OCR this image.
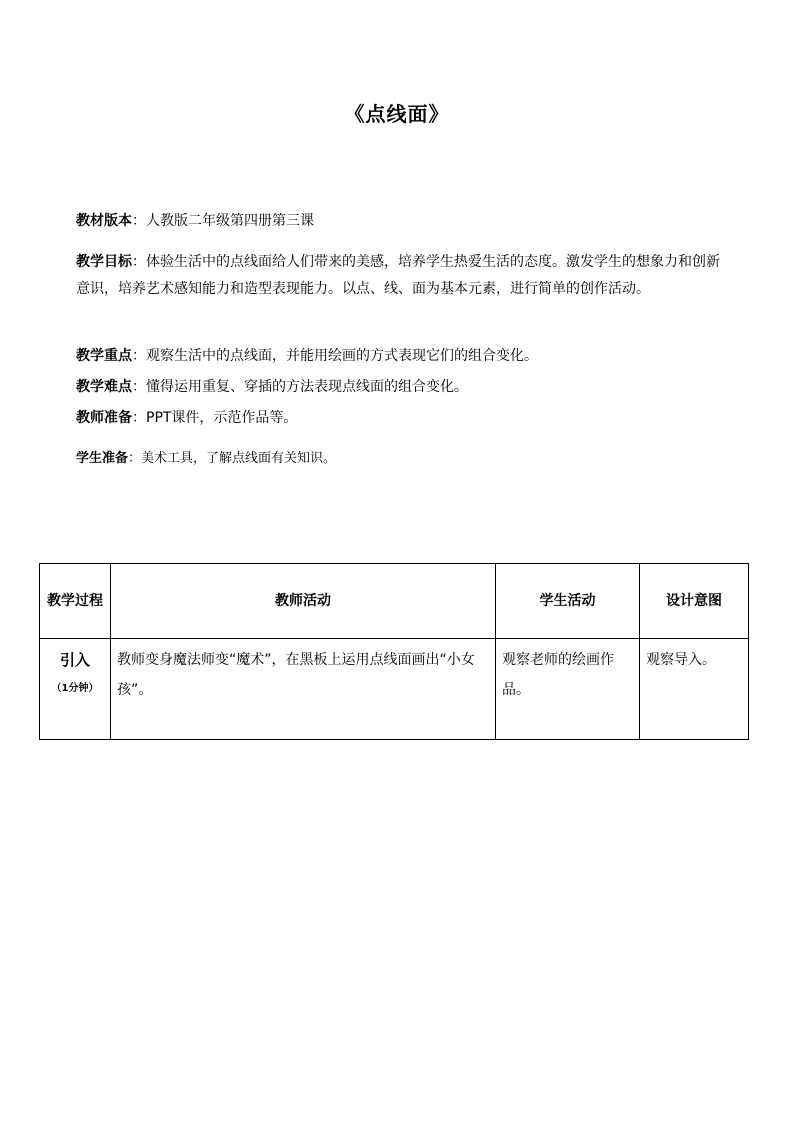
《点线面》
教材版本：人教版二年级第四册第三课
教学目标：体验生活中的点线面给人们带来的美感，培养学生热爱生活的态度。激发学生的想象力和创新意识，培养艺术感知能力和造型表现能力。以点、线、面为基本元素，进行简单的创作活动。
教学重点：观察生活中的点线面，并能用绘画的方式表现它们的组合变化。
教学难点：懂得运用重复、穿插的方法表现点线面的组合变化。
教师准备：PPT课件，示范作品等。
学生准备：美术工具，了解点线面有关知识。
教学过程	教师活动	学生活动	设计意图

引入
（1分钟）	教师变身魔法师变“魔术”，在黑板上运用点线面画出“小女孩”。	观察老师的绘画作品。	观察导入。
